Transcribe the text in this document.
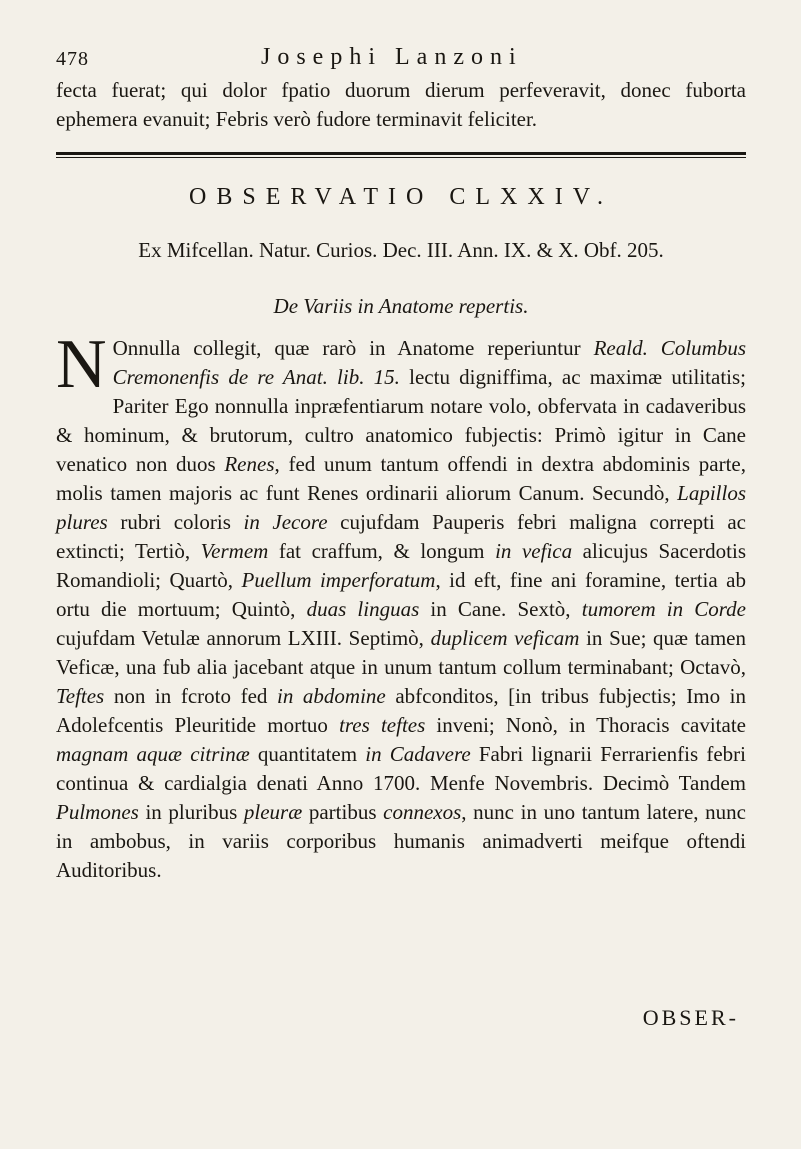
478	Josephi Lanzoni
fecta fuerat; qui dolor fpatio duorum dierum perfeveravit, donec fuborta ephemera evanuit; Febris verò fudore terminavit feliciter.
OBSERVATIO CLXXIV.
Ex Mifcellan. Natur. Curios. Dec. III. Ann. IX. & X. Obf. 205.
De Variis in Anatome repertis.
N Onnulla collegit, quæ rarò in Anatome reperiuntur Reald. Columbus Cremonenfis de re Anat. lib. 15. lectu digniffima, ac maximæ utilitatis; Pariter Ego nonnulla inpræfentiarum notare volo, obfervata in cadaveribus & hominum, & brutorum, cultro anatomico fubjectis: Primò igitur in Cane venatico non duos Renes, fed unum tantum offendi in dextra abdominis parte, molis tamen majoris ac funt Renes ordinarii aliorum Canum. Secundò, Lapillos plures rubri coloris in Jecore cujufdam Pauperis febri maligna correpti ac extincti; Tertiò, Vermem fat craffum, & longum in vefica alicujus Sacerdotis Romandioli; Quartò, Puellum imperforatum, id eft, fine ani foramine, tertia ab ortu die mortuum; Quintò, duas linguas in Cane. Sextò, tumorem in Corde cujufdam Vetulæ annorum LXIII. Septimò, duplicem veficam in Sue; quæ tamen Veficæ, una fub alia jacebant atque in unum tantum collum terminabant; Octavò, Teftes non in fcroto fed in abdomine abfconditos, [in tribus fubjectis; Imo in Adolefcentis Pleuritide mortuo tres teftes inveni; Nonò, in Thoracis cavitate magnam aquæ citrinæ quantitatem in Cadavere Fabri lignarii Ferrarienfis febri continua & cardialgia denati Anno 1700. Menfe Novembris. Decimò Tandem Pulmones in pluribus pleuræ partibus connexos, nunc in uno tantum latere, nunc in ambobus, in variis corporibus humanis animadverti meifque oftendi Auditoribus.
OBSER-
